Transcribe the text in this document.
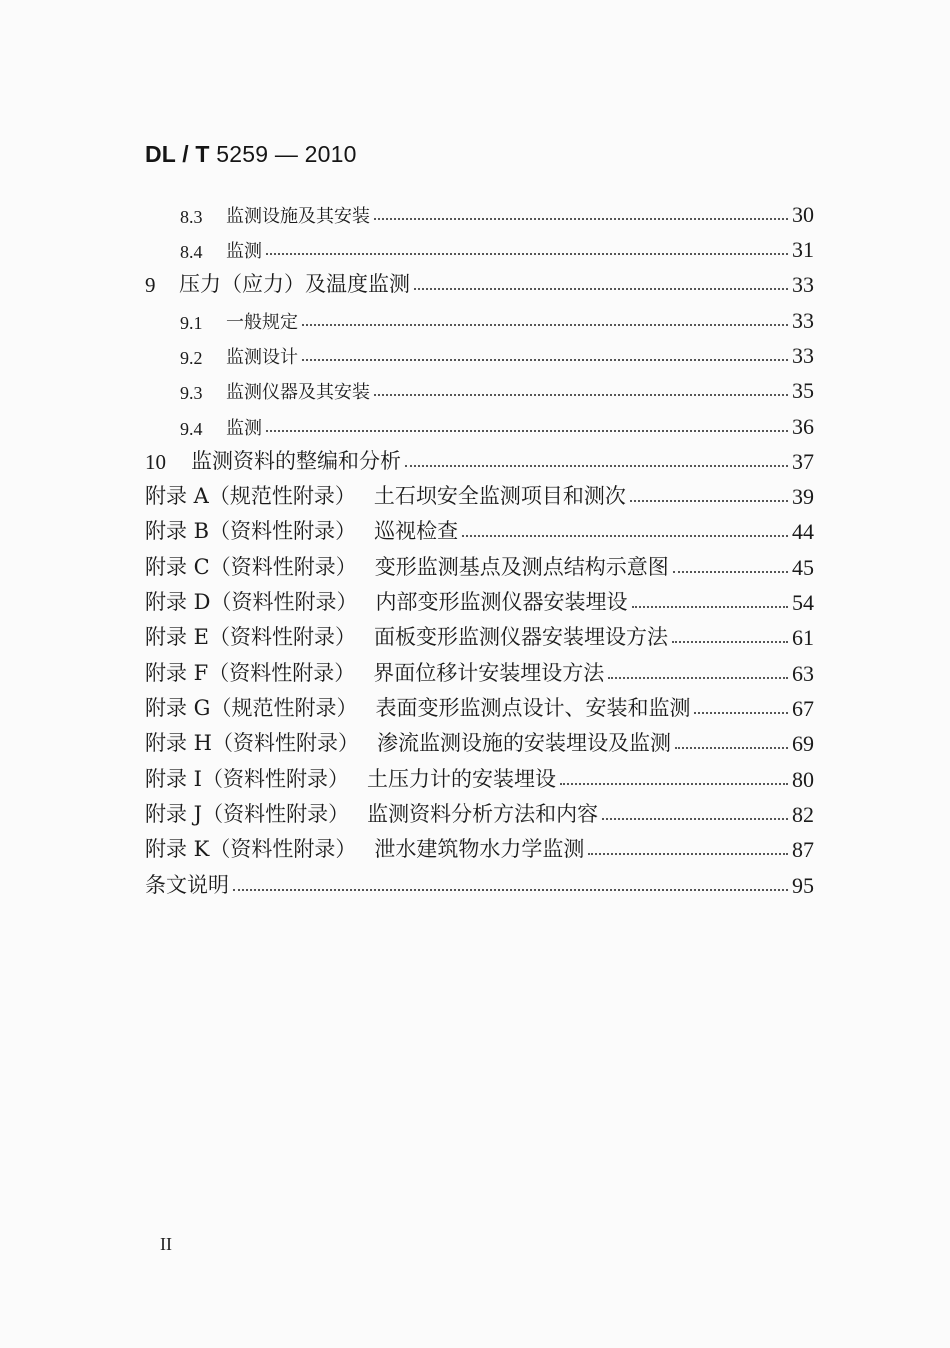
DL / T 5259 — 2010
8.3	监测设施及其安装	30
8.4	监测	31
9	压力（应力）及温度监测	33
9.1	一般规定	33
9.2	监测设计	33
9.3	监测仪器及其安装	35
9.4	监测	36
10	监测资料的整编和分析	37
附录 A（规范性附录） 土石坝安全监测项目和测次	39
附录 B（资料性附录） 巡视检查	44
附录 C（资料性附录） 变形监测基点及测点结构示意图	45
附录 D（资料性附录） 内部变形监测仪器安装埋设	54
附录 E（资料性附录） 面板变形监测仪器安装埋设方法	61
附录 F（资料性附录） 界面位移计安装埋设方法	63
附录 G（规范性附录） 表面变形监测点设计、安装和监测	67
附录 H（资料性附录） 渗流监测设施的安装埋设及监测	69
附录 I（资料性附录） 土压力计的安装埋设	80
附录 J（资料性附录） 监测资料分析方法和内容	82
附录 K（资料性附录） 泄水建筑物水力学监测	87
条文说明	95
II
